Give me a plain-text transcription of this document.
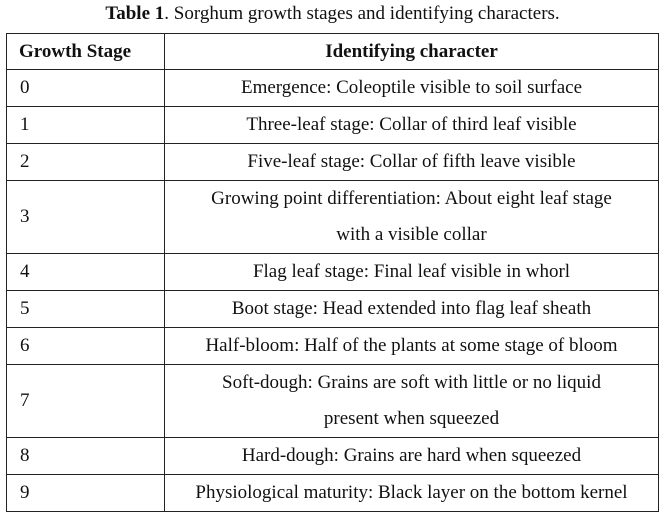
Table 1. Sorghum growth stages and identifying characters.
Growth Stage	Identifying character
0	Emergence: Coleoptile visible to soil surface

1	Three-leaf stage: Collar of third leaf visible

2	Five-leaf stage: Collar of fifth leave visible

3	Growing point differentiation: About eight leaf stage
with a visible collar

4	Flag leaf stage: Final leaf visible in whorl

5	Boot stage: Head extended into flag leaf sheath

6	Half-bloom: Half of the plants at some stage of bloom

7	Soft-dough: Grains are soft with little or no liquid
present when squeezed

8	Hard-dough: Grains are hard when squeezed

9	Physiological maturity: Black layer on the bottom kernel
